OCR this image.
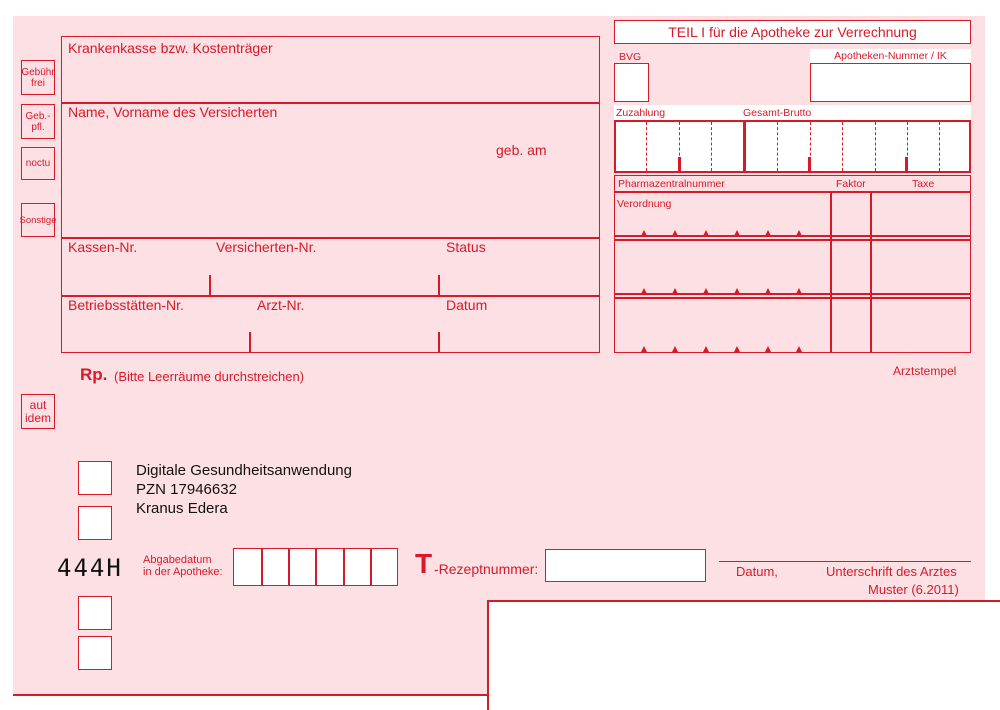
Krankenkasse bzw. Kostenträger
Name, Vorname des Versicherten
geb. am
Kassen-Nr.	Versicherten-Nr.	Status
Betriebsstätten-Nr.	Arzt-Nr.	Datum
Gebühr frei
Geb.- pfl.
noctu
Sonstige
aut idem
TEIL I für die Apotheke zur Verrechnung
BVG	Apotheken-Nummer / IK
Zuzahlung	Gesamt-Brutto
Pharmazentralnummer	Faktor	Taxe
Verordnung
Arztstempel
Rp. (Bitte Leerräume durchstreichen)
Digitale Gesundheitsanwendung
PZN 17946632
Kranus Edera
444H Abgabedatum
in der Apotheke:	T -Rezeptnummer:	Datum,	Unterschrift des Arztes
Muster (6.2011)
